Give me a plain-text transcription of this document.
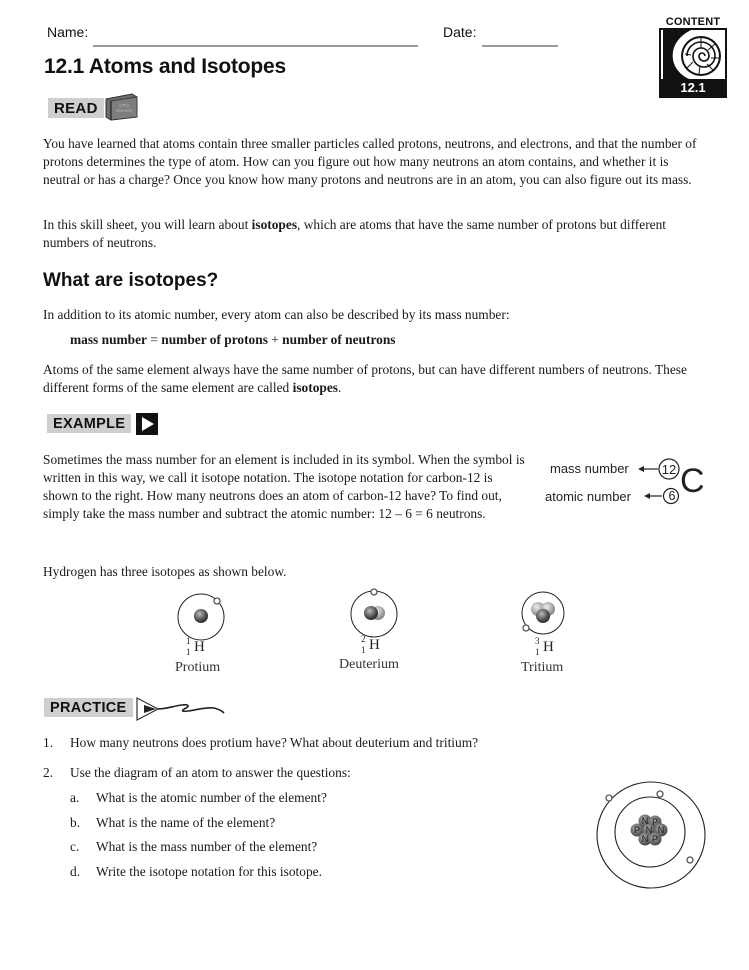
Name:	Date:
CONTENT
12.1
12.1 Atoms and Isotopes
READ	CPO
Science
You have learned that atoms contain three smaller particles called protons, neutrons, and electrons, and that the number of protons determines the type of atom. How can you figure out how many neutrons an atom contains, and whether it is neutral or has a charge? Once you know how many protons and neutrons are in an atom, you can also figure out its mass.
In this skill sheet, you will learn about isotopes, which are atoms that have the same number of protons but different numbers of neutrons.
What are isotopes?
In addition to its atomic number, every atom can also be described by its mass number:
mass number = number of protons + number of neutrons
Atoms of the same element always have the same number of protons, but can have different numbers of neutrons. These different forms of the same element are called isotopes.
EXAMPLE
Sometimes the mass number for an element is included in its symbol. When the symbol is written in this way, we call it isotope notation. The isotope notation for carbon-12 is shown to the right. How many neutrons does an atom of carbon-12 have? To find out, simply take the mass number and subtract the atomic number: 12 – 6 = 6 neutrons.
mass number
atomic number
12
6 C
Hydrogen has three isotopes as shown below.
1
1 H
Protium
2
1 H
Deuterium
3
1 H
Tritium
PRACTICE
1. How many neutrons does protium have? What about deuterium and tritium?
2. Use the diagram of an atom to answer the questions:
a. What is the atomic number of the element?
b. What is the name of the element?
c. What is the mass number of the element?
d. Write the isotope notation for this isotope.
N P
P N N
N P
